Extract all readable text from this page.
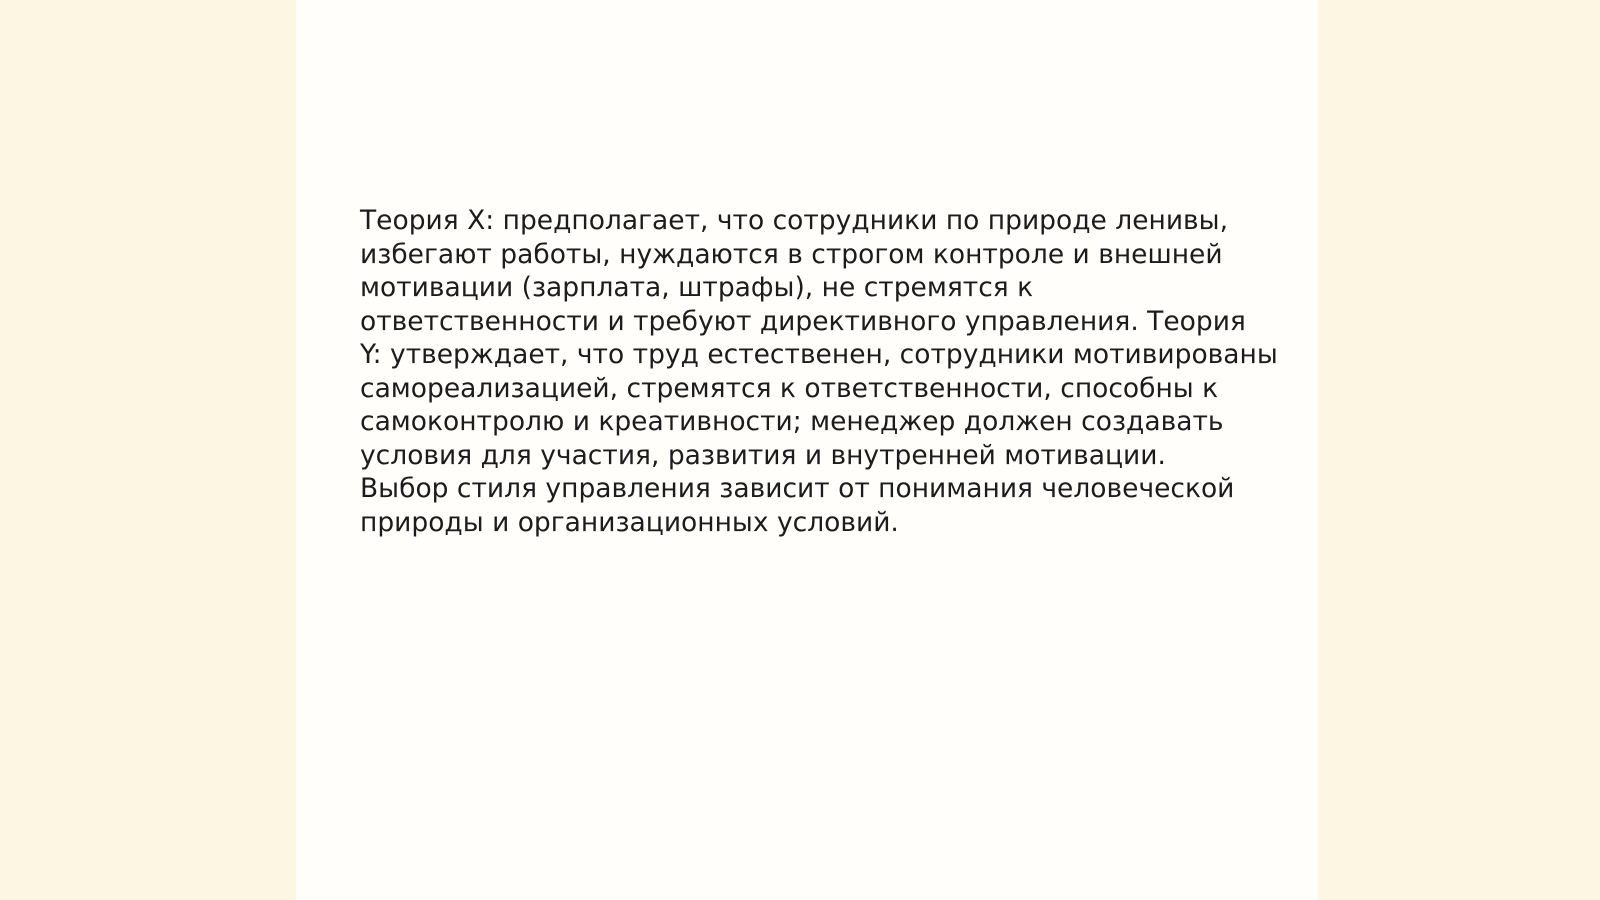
Теория X: предполагает, что сотрудники по природе ленивы,
избегают работы, нуждаются в строгом контроле и внешней
мотивации (зарплата, штрафы), не стремятся к
ответственности и требуют директивного управления. Теория
Y: утверждает, что труд естественен, сотрудники мотивированы
самореализацией, стремятся к ответственности, способны к
самоконтролю и креативности; менеджер должен создавать
условия для участия, развития и внутренней мотивации.
Выбор стиля управления зависит от понимания человеческой
природы и организационных условий.
